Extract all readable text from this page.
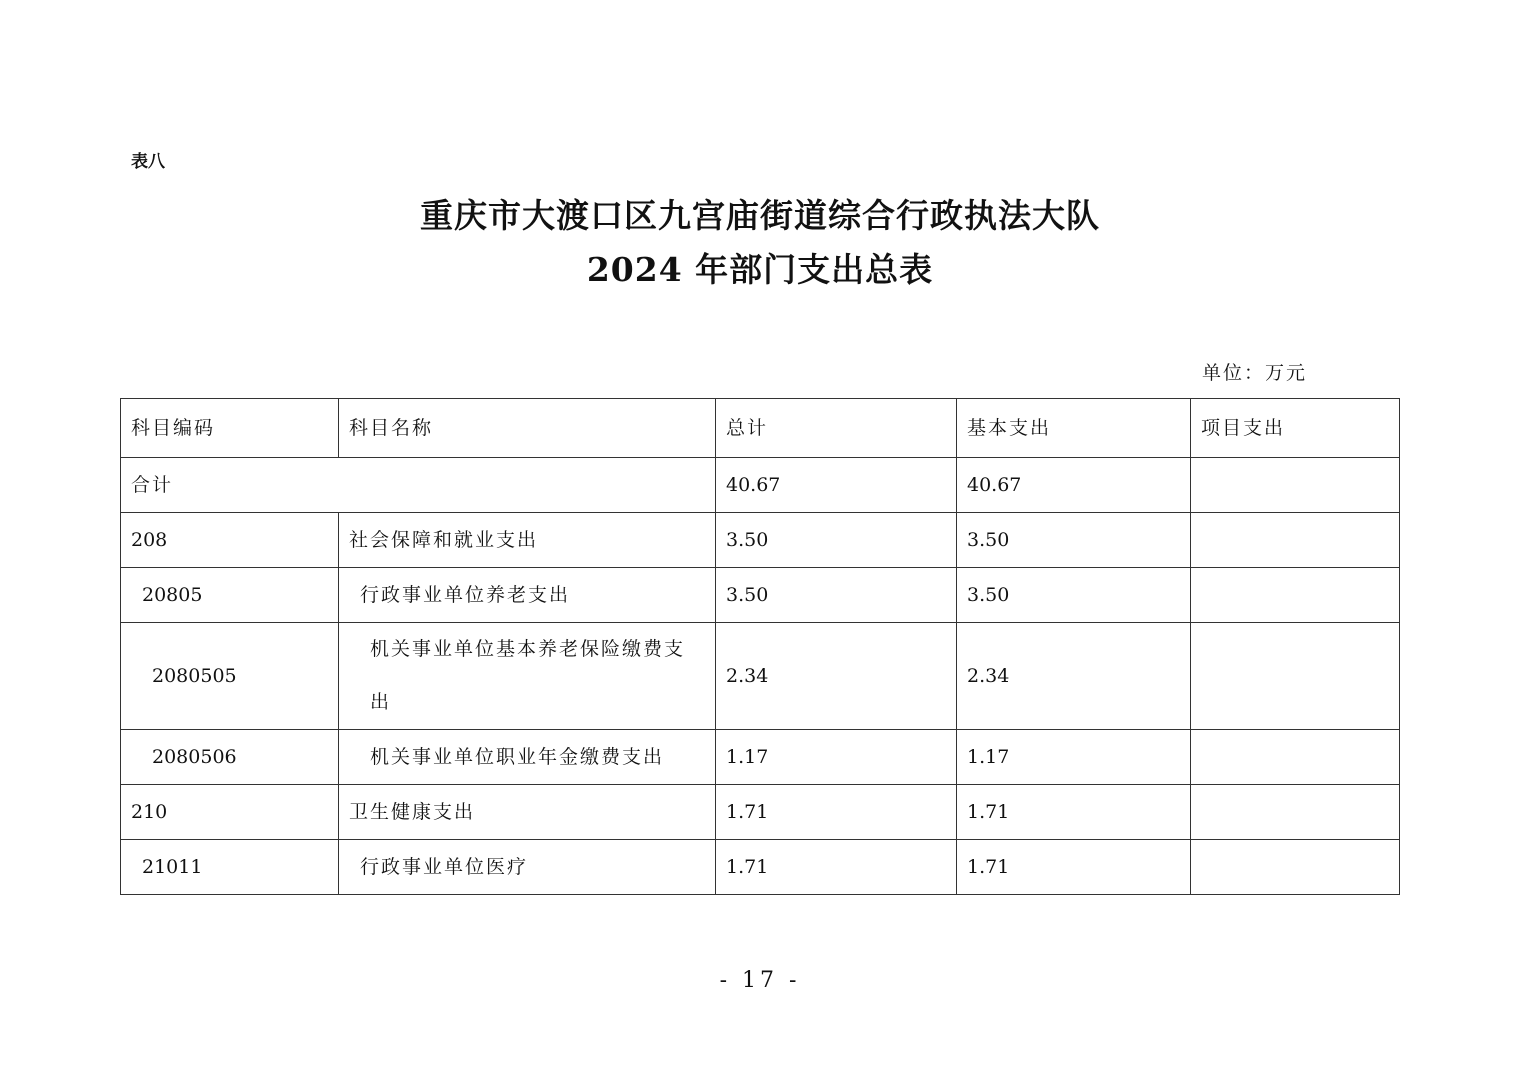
表八
重庆市大渡口区九宫庙街道综合行政执法大队
2024 年部门支出总表
单位：万元
科目编码	科目名称	总计	基本支出	项目支出
合计		40.67	40.67	
208	社会保障和就业支出	3.50	3.50	
20805	行政事业单位养老支出	3.50	3.50	
2080505	机关事业单位基本养老保险缴费支出	2.34	2.34	
2080506	机关事业单位职业年金缴费支出	1.17	1.17	
210	卫生健康支出	1.71	1.71	
21011	行政事业单位医疗	1.71	1.71	
- 17 -
